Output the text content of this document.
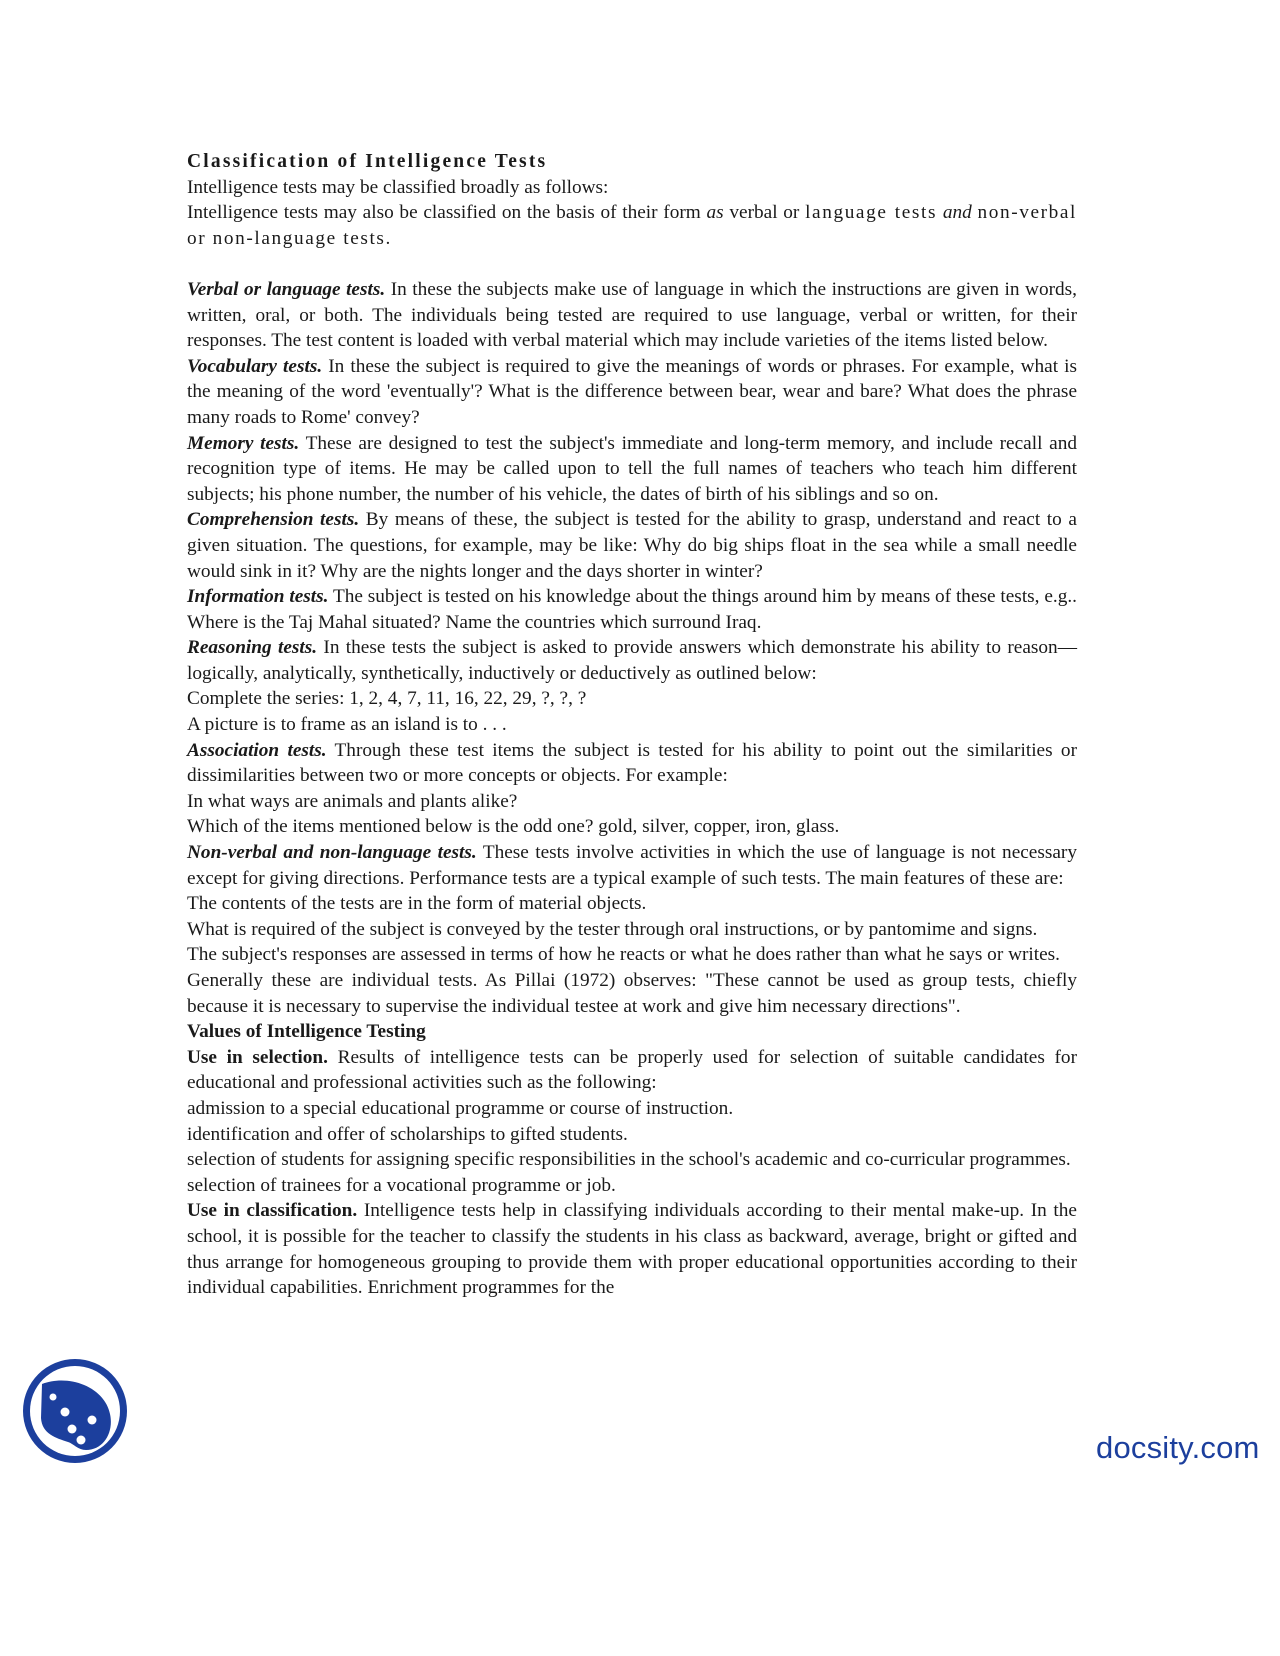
Classification of Intelligence Tests

Intelligence tests may be classified broadly as follows:

Intelligence tests may also be classified on the basis of their form as verbal or language tests and non-verbal or non-language tests.

Verbal or language tests. In these the subjects make use of language in which the instructions are given in words, written, oral, or both. The individuals being tested are required to use language, verbal or written, for their responses. The test content is loaded with verbal material which may include varieties of the items listed below.

Vocabulary tests. In these the subject is required to give the meanings of words or phrases. For example, what is the meaning of the word 'eventually'? What is the difference between bear, wear and bare? What does the phrase many roads to Rome' convey?

Memory tests. These are designed to test the subject's immediate and long-term memory, and include recall and recognition type of items. He may be called upon to tell the full names of teachers who teach him different subjects; his phone number, the number of his vehicle, the dates of birth of his siblings and so on.

Comprehension tests. By means of these, the subject is tested for the ability to grasp, understand and react to a given situation. The questions, for example, may be like: Why do big ships float in the sea while a small needle would sink in it? Why are the nights longer and the days shorter in winter?

Information tests. The subject is tested on his knowledge about the things around him by means of these tests, e.g.. Where is the Taj Mahal situated? Name the countries which surround Iraq.

Reasoning tests. In these tests the subject is asked to provide answers which demonstrate his ability to reason—logically, analytically, synthetically, inductively or deductively as outlined below:

Complete the series: 1, 2, 4, 7, 11, 16, 22, 29, ?, ?, ?

A picture is to frame as an island is to . . .

Association tests. Through these test items the subject is tested for his ability to point out the similarities or dissimilarities between two or more concepts or objects. For example:

In what ways are animals and plants alike?

Which of the items mentioned below is the odd one? gold, silver, copper, iron, glass.

Non-verbal and non-language tests. These tests involve activities in which the use of language is not necessary except for giving directions. Performance tests are a typical example of such tests. The main features of these are:

The contents of the tests are in the form of material objects.

What is required of the subject is conveyed by the tester through oral instructions, or by pantomime and signs.

The subject's responses are assessed in terms of how he reacts or what he does rather than what he says or writes.

Generally these are individual tests. As Pillai (1972) observes: "These cannot be used as group tests, chiefly because it is necessary to supervise the individual testee at work and give him necessary directions".

Values of Intelligence Testing

Use in selection. Results of intelligence tests can be properly used for selection of suitable candidates for educational and professional activities such as the following:

admission to a special educational programme or course of instruction.

identification and offer of scholarships to gifted students.

selection of students for assigning specific responsibilities in the school's academic and co-curricular programmes.

selection of trainees for a vocational programme or job.

Use in classification. Intelligence tests help in classifying individuals according to their mental make-up. In the school, it is possible for the teacher to classify the students in his class as backward, average, bright or gifted and thus arrange for homogeneous grouping to provide them with proper educational opportunities according to their individual capabilities. Enrichment programmes for the

docsity.com
